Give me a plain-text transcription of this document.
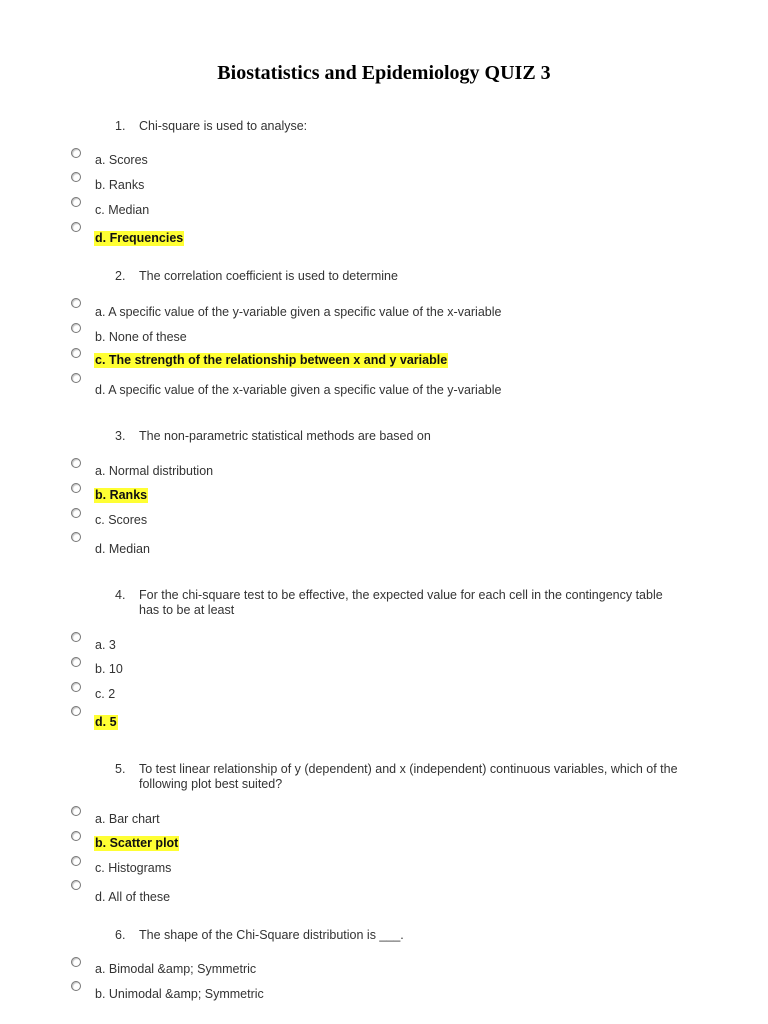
Biostatistics and Epidemiology QUIZ 3
1. Chi-square is used to analyse:
a. Scores
b. Ranks
c. Median
d. Frequencies
2. The correlation coefficient is used to determine
a. A specific value of the y-variable given a specific value of the x-variable
b. None of these
c. The strength of the relationship between x and y variable
d. A specific value of the x-variable given a specific value of the y-variable
3. The non-parametric statistical methods are based on
a. Normal distribution
b. Ranks
c. Scores
d. Median
4. For the chi-square test to be effective, the expected value for each cell in the contingency table has to be at least
a. 3
b. 10
c. 2
d. 5
5. To test linear relationship of y (dependent) and x (independent) continuous variables, which of the following plot best suited?
a. Bar chart
b. Scatter plot
c. Histograms
d. All of these
6. The shape of the Chi-Square distribution is ___.
a. Bimodal &amp; Symmetric
b. Unimodal &amp; Symmetric
